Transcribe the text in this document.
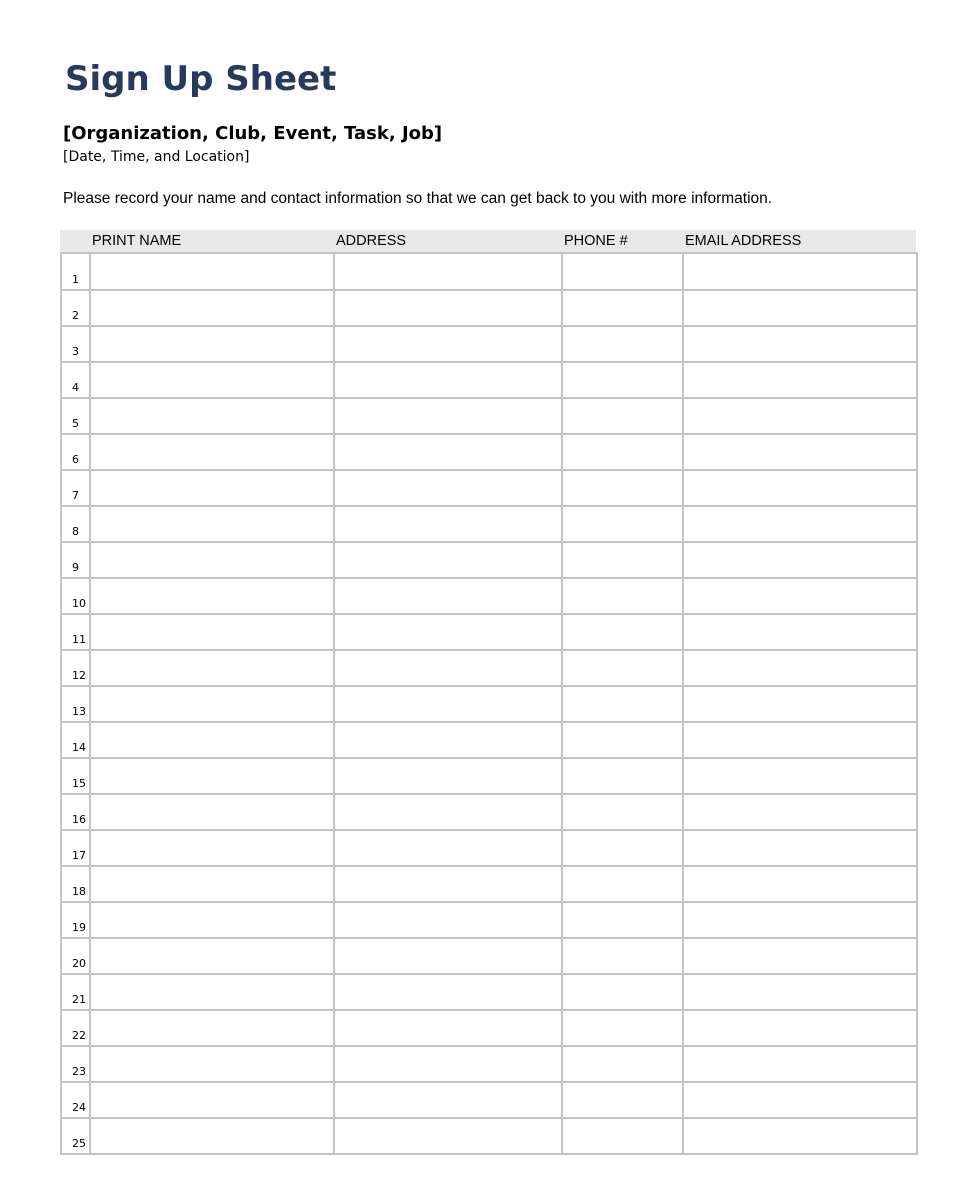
Sign Up Sheet
[Organization, Club, Event, Task, Job]
[Date, Time, and Location]
Please record your name and contact information so that we can get back to you with more information.
PRINT NAME	ADDRESS	PHONE #	EMAIL ADDRESS
1				
2				
3				
4				
5				
6				
7				
8				
9				
10				
11				
12				
13				
14				
15				
16				
17				
18				
19				
20				
21				
22				
23				
24				
25				
